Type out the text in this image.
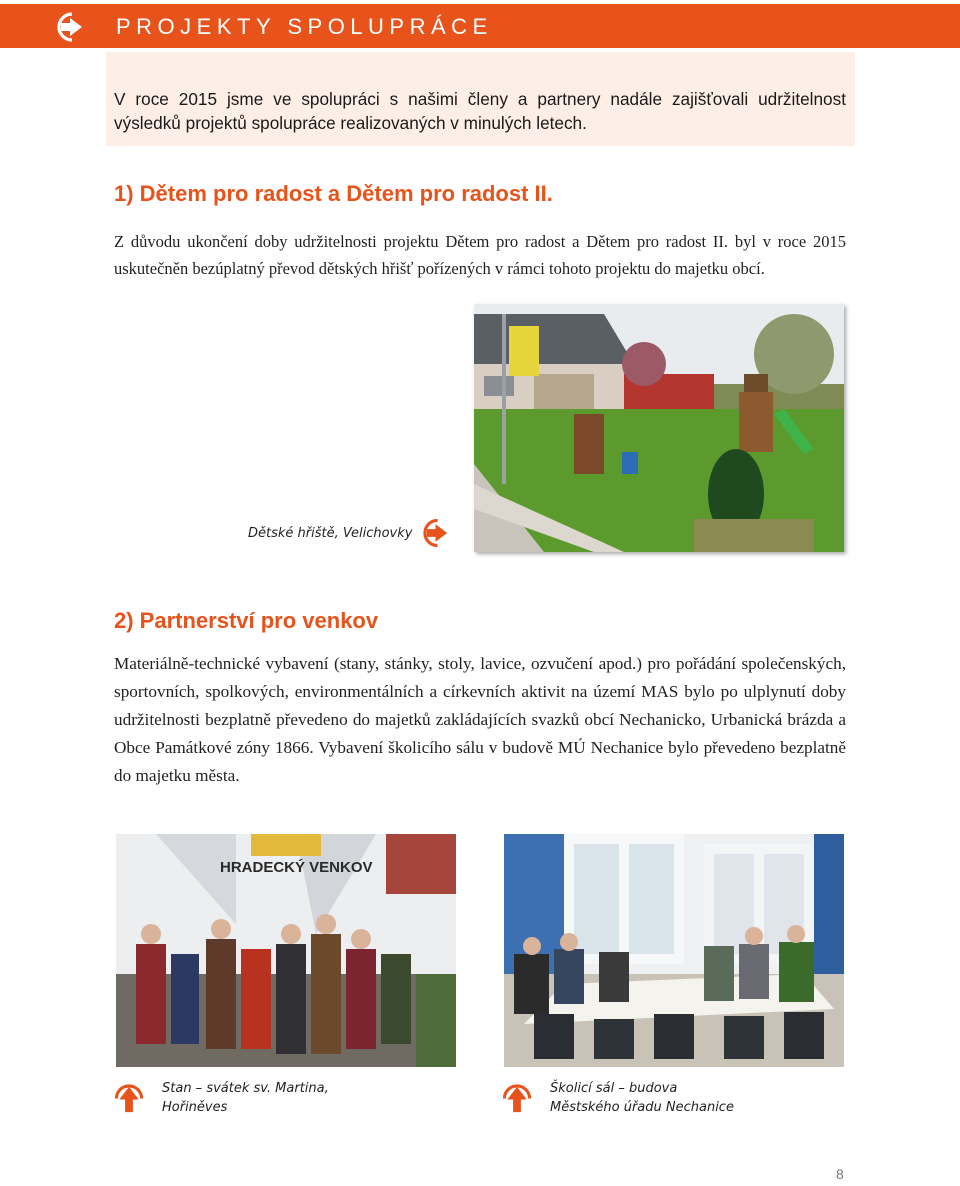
PROJEKTY SPOLUPRÁCE
V roce 2015 jsme ve spolupráci s našimi členy a partnery nadále zajišťovali udržitelnost výsledků projektů spolupráce realizovaných v minulých letech.
1) Dětem pro radost a Dětem pro radost II.
Z důvodu ukončení doby udržitelnosti projektu Dětem pro radost a Dětem pro radost II. byl v roce 2015 uskutečněn bezúplatný převod dětských hřišť pořízených v rámci tohoto projektu do majetku obcí.
Dětské hřiště, Velichovky
2) Partnerství pro venkov
Materiálně-technické vybavení (stany, stánky, stoly, lavice, ozvučení apod.) pro pořádání společenských, sportovních, spolkových, environmentálních a církevních aktivit na území MAS bylo po ulplynutí doby udržitelnosti bezplatně převedeno do majetků zakládajících svazků obcí Nechanicko, Urbanická brázda a Obce Památkové zóny 1866. Vybavení školicího sálu v budově MÚ Nechanice bylo převedeno bezplatně do majetku města.
HRADECKÝ VENKOV
Stan – svátek sv. Martina,
Hořiněves
Školicí sál – budova
Městského úřadu Nechanice
8
